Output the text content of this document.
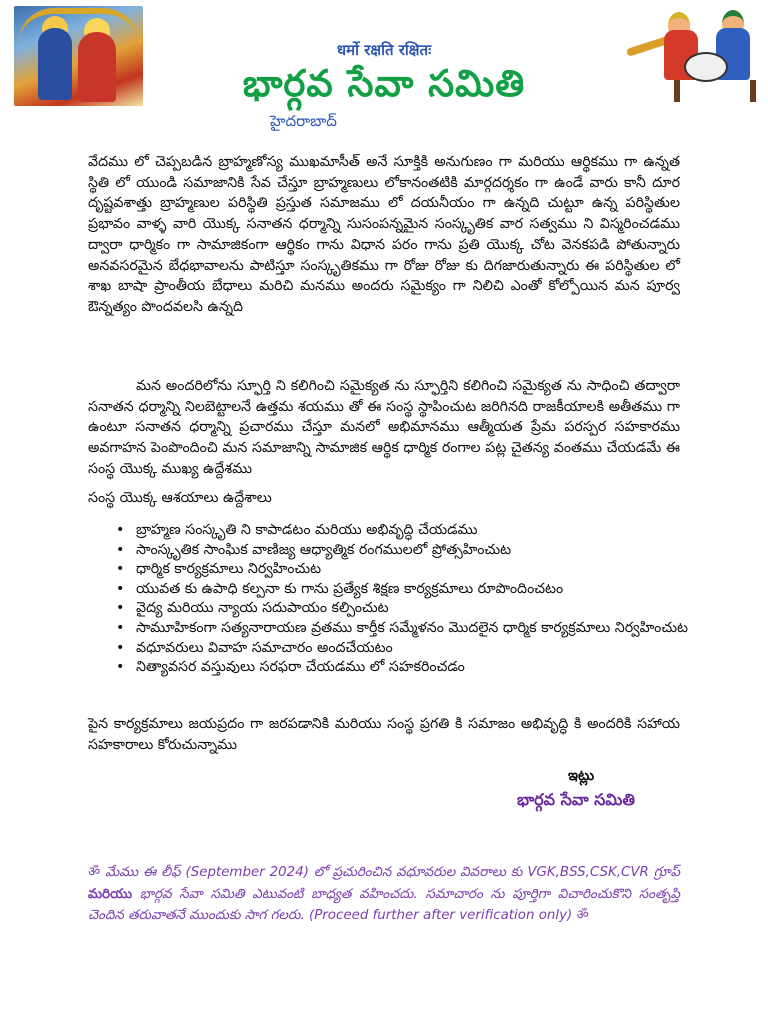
धर्मो रक्षति रक्षितः
భార్గవ సేవా సమితి
హైదరాబాద్

వేదము లో చెప్పబడిన బ్రాహ్మణోస్య ముఖమాసీత్ అనే సూక్తికి అనుగుణం గా మరియు ఆర్థికము గా ఉన్నత స్థితి లో యుండి సమాజానికి సేవ చేస్తూ బ్రాహ్మణులు లోకానంతటికి మార్గదర్శకం గా ఉండే వారు కానీ దూర దృష్టవశాత్తు బ్రాహ్మణుల పరిస్థితి ప్రస్తుత సమాజము లో దయనీయం గా ఉన్నది చుట్టూ ఉన్న పరిస్థితుల ప్రభావం వాళ్ళ వారి యొక్క సనాతన ధర్మాన్ని సుసంపన్నమైన సంస్కృతిక వార సత్వము ని విస్మరించడము ద్వారా ధార్మికం గా సామాజికంగా ఆర్థికం గాను విధాన పరం గాను ప్రతి యొక్క చోట వెనకపడి పోతున్నారు అనవసరమైన బేధభావాలను పాటిస్తూ సంస్కృతికము గా రోజు రోజు కు దిగజారుతున్నారు ఈ పరిస్థితుల లో శాఖ బాషా ప్రాంతీయ బేధాలు మరిచి మనము అందరు సమైక్యం గా నిలిచి ఎంతో కోల్పోయిన మన పూర్వ ఔన్నత్యం పొందవలసి ఉన్నది

మన అందరిలోను స్ఫూర్తి ని కలిగించి సమైక్యత ను స్ఫూర్తిని కలిగించి సమైక్యత ను సాధించి తద్వారా సనాతన ధర్మాన్ని నిలబెట్టాలనే ఉత్తమ శయము తో ఈ సంస్థ స్థాపించుట జరిగినది రాజకీయాలకి అతీతము గా ఉంటూ సనాతన ధర్మాన్ని ప్రచారము చేస్తూ మనలో అభిమానము ఆత్మీయత ప్రేమ పరస్పర సహకారము అవగాహన పెంపొందించి మన సమాజాన్ని సామాజిక ఆర్థిక ధార్మిక రంగాల పట్ల చైతన్య వంతము చేయడమే ఈ సంస్థ యొక్క ముఖ్య ఉద్దేశము

సంస్థ యొక్క ఆశయాలు ఉద్దేశాలు

• బ్రాహ్మణ సంస్కృతి ని కాపాడటం మరియు అభివృద్ధి చేయడము
• సాంస్కృతిక సాంఘిక వాణిజ్య ఆధ్యాత్మిక రంగములలో ప్రోత్సహించుట
• ధార్మిక కార్యక్రమాలు నిర్వహించుట
• యువత కు ఉపాధి కల్పనా కు గాను ప్రత్యేక శిక్షణ కార్యక్రమాలు రూపొందించటం
• వైద్య మరియు న్యాయ సదుపాయం కల్పించుట
• సామూహికంగా సత్యనారాయణ వ్రతము కార్తీక సమ్మేళనం మొదలైన ధార్మిక కార్యక్రమాలు నిర్వహించుట
• వధూవరులు వివాహ సమాచారం అందచేయటం
• నిత్యావసర వస్తువులు సరఫరా చేయడము లో సహకరించడం

పైన కార్యక్రమాలు జయప్రదం గా జరపడానికి మరియు సంస్థ ప్రగతి కి సమాజం అభివృద్ధి కి అందరికి సహాయ సహకారాలు కోరుచున్నాము

ఇట్లు
భార్గవ సేవా సమితి

ॐ మేము ఈ లీఫ్ (September 2024) లో ప్రచురించిన వధూవరుల వివరాలు కు VGK,BSS,CSK,CVR గ్రూప్ మరియు భార్గవ సేవా సమితి ఎటువంటి బాధ్యత వహించదు. సమాచారం ను పూర్తిగా విచారించుకొని సంతృప్తి చెందిన తరువాతనే ముందుకు సాగ గలరు. (Proceed further after verification only) ॐ
